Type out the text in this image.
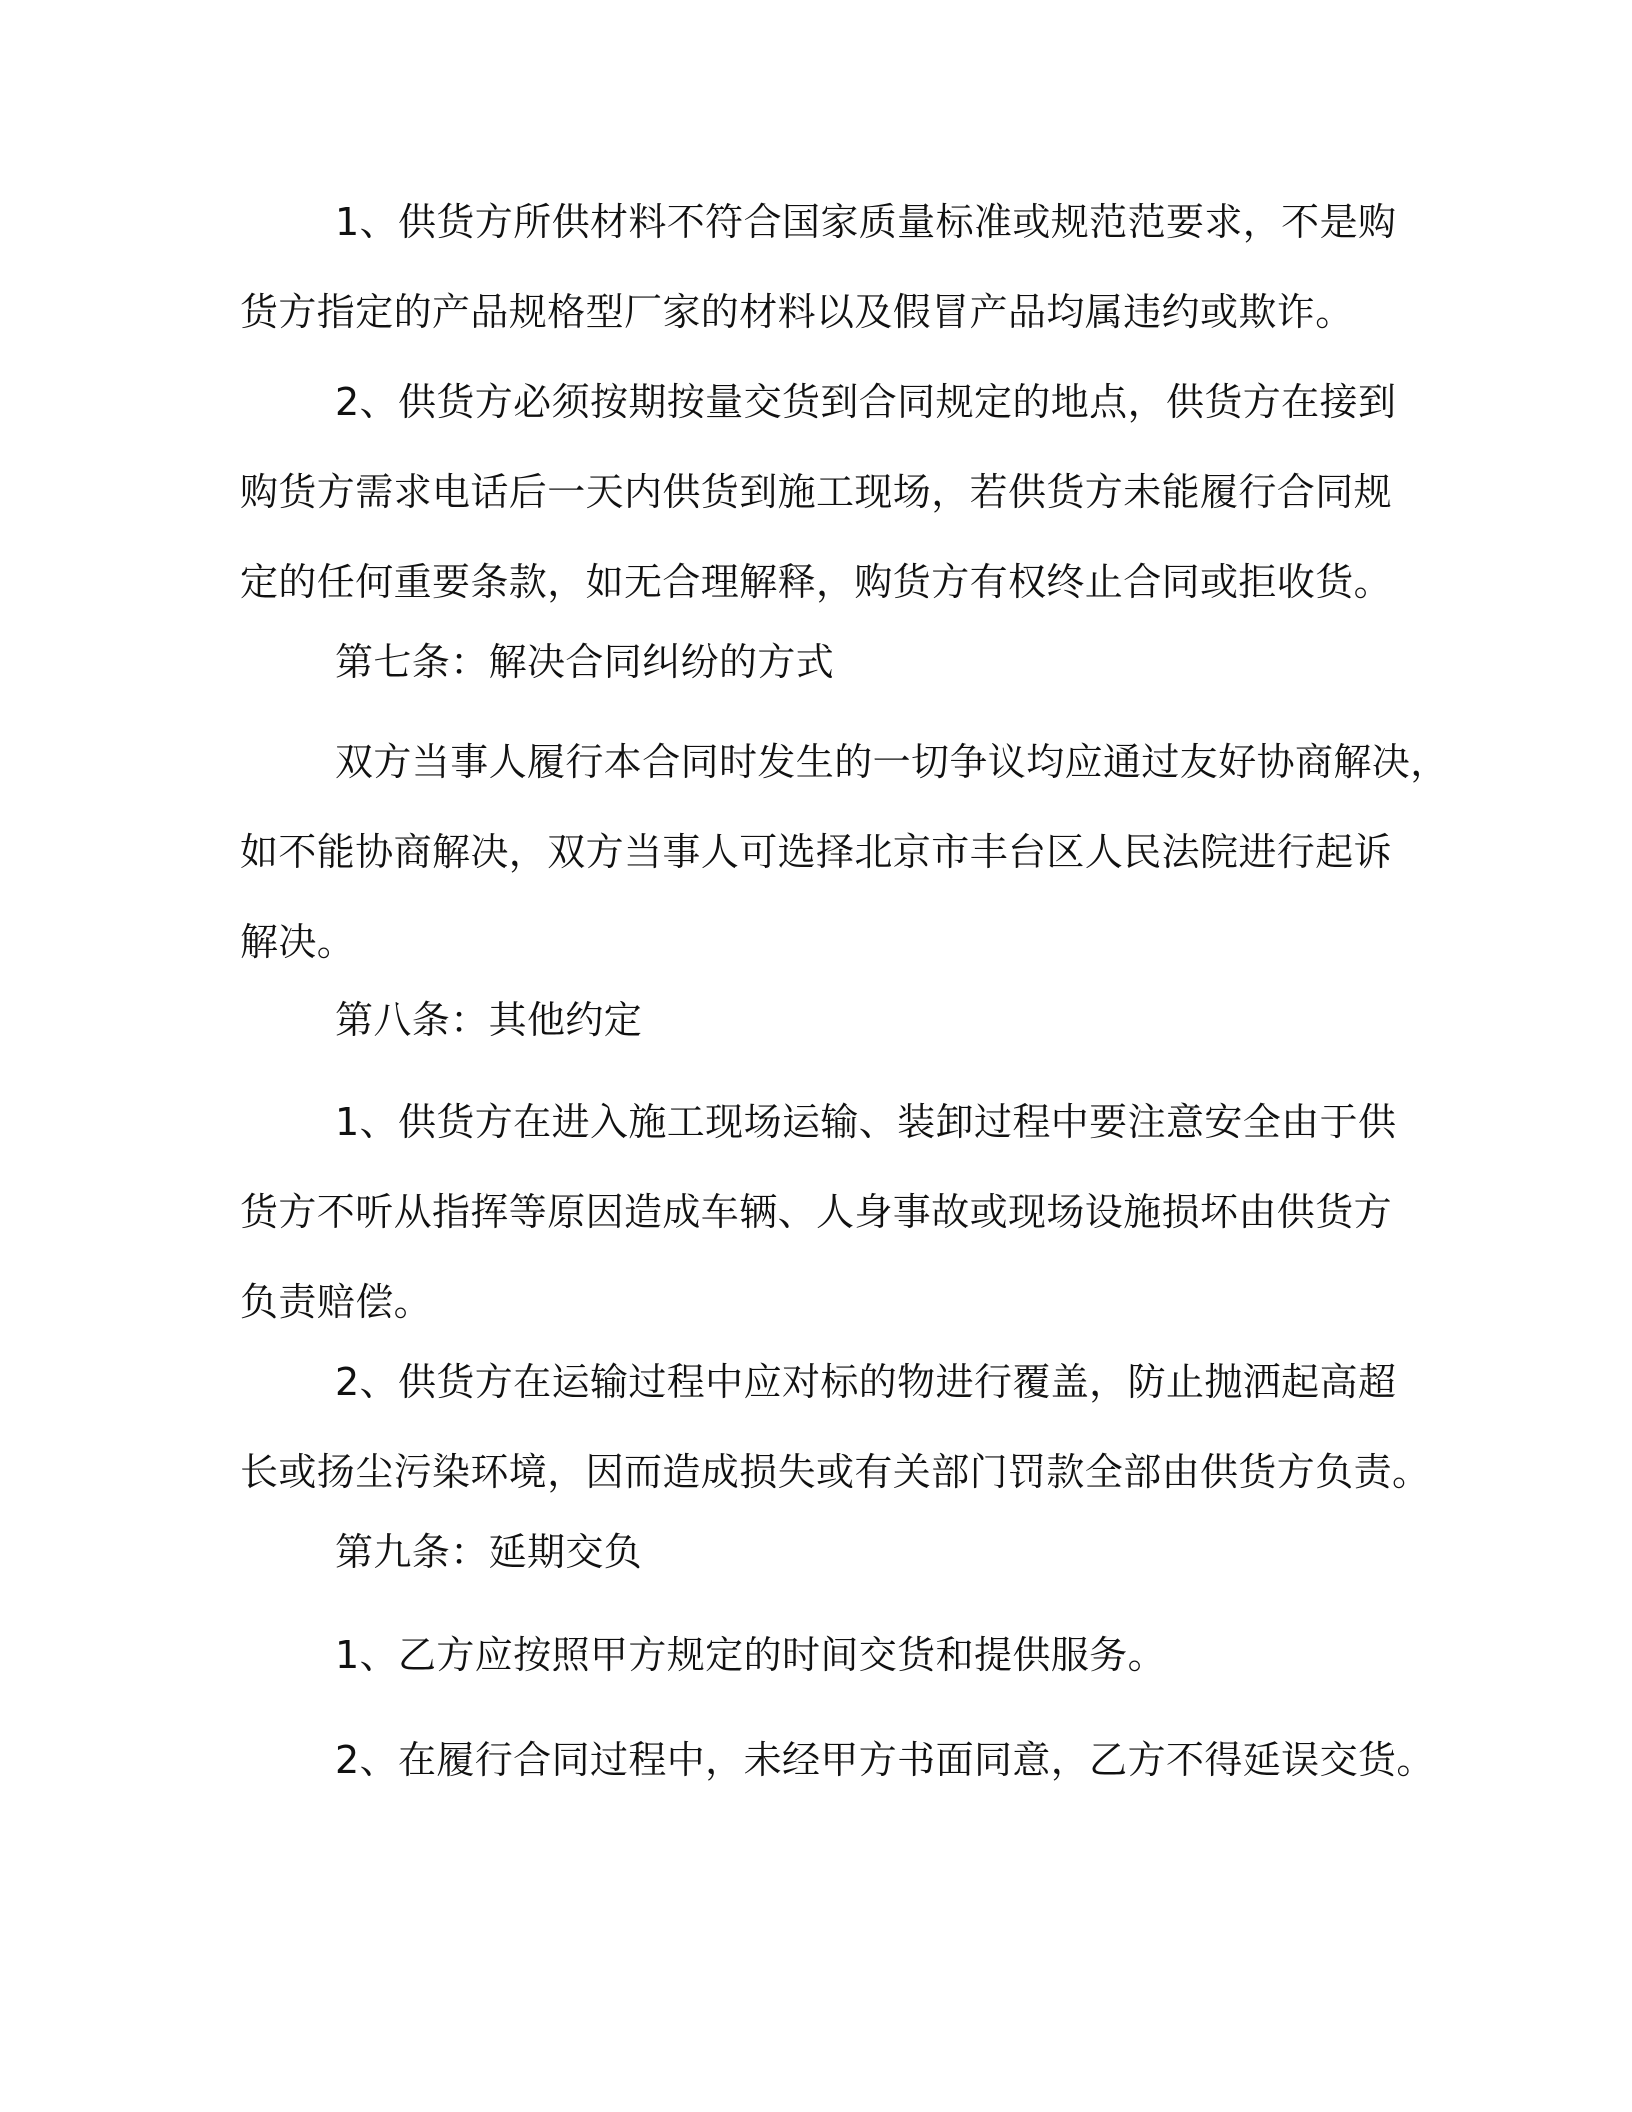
1、供货方所供材料不符合国家质量标准或规范范要求，不是购
货方指定的产品规格型厂家的材料以及假冒产品均属违约或欺诈。
2、供货方必须按期按量交货到合同规定的地点，供货方在接到
购货方需求电话后一天内供货到施工现场，若供货方未能履行合同规
定的任何重要条款，如无合理解释，购货方有权终止合同或拒收货。
第七条：解决合同纠纷的方式
双方当事人履行本合同时发生的一切争议均应通过友好协商解决，
如不能协商解决，双方当事人可选择北京市丰台区人民法院进行起诉
解决。
第八条：其他约定
1、供货方在进入施工现场运输、装卸过程中要注意安全由于供
货方不听从指挥等原因造成车辆、人身事故或现场设施损坏由供货方
负责赔偿。
2、供货方在运输过程中应对标的物进行覆盖，防止抛洒起高超
长或扬尘污染环境，因而造成损失或有关部门罚款全部由供货方负责。
第九条：延期交负
1、乙方应按照甲方规定的时间交货和提供服务。
2、在履行合同过程中，未经甲方书面同意，乙方不得延误交货。
